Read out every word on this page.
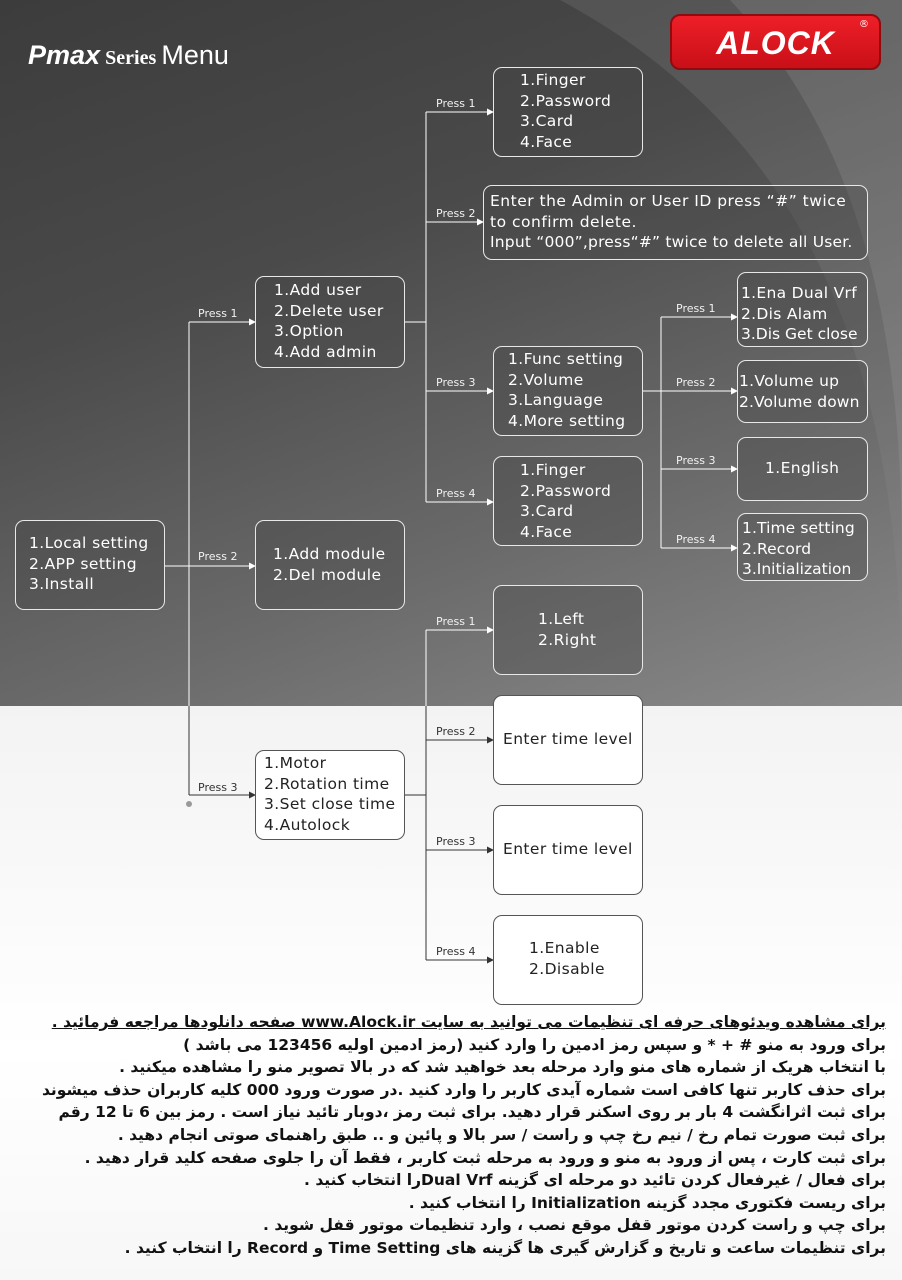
Pmax Series Menu	ALOCK
®
1.Local setting
2.APP setting
3.Install
Press 1
1.Add user
2.Delete user
3.Option
4.Add admin
Press 2 1.Add module
2.Del module
Press 3
1.Motor
2.Rotation time
3.Set close time
4.Autolock
Press 1
1.Finger
2.Password
3.Card
4.Face
Press 2
Enter the Admin or User ID press “#” twice
to confirm delete.
Input “000”,press“#” twice to delete all User.
Press 3
1.Func setting
2.Volume
3.Language
4.More setting
Press 4
1.Finger
2.Password
3.Card
4.Face
Press 1
1.Ena Dual Vrf
2.Dis Alam
3.Dis Get close
Press 2 1.Volume up
2.Volume down
Press 3	1.English
Press 4
1.Time setting
2.Record
3.Initialization
Press 1	1.Left
2.Right
Press 2 Enter time level
Press 3 Enter time level
Press 4	1.Enable
2.Disable
برای مشاهده ویدئوهای حرفه ای تنظیمات می توانید به سایت www.Alock.ir صفحه دانلودها مراجعه فرمائید .
برای ورود به منو # + * و سپس رمز ادمین را وارد کنید (رمز ادمین اولیه 123456 می باشد )
با انتخاب هریک از شماره های منو وارد مرحله بعد خواهید شد که در بالا تصویر منو را مشاهده میکنید .
برای حذف کاربر تنها کافی است شماره آیدی کاربر را وارد کنید .در صورت ورود 000 کلیه کاربران حذف میشوند
برای ثبت اثرانگشت 4 بار بر روی اسکنر قرار دهید. برای ثبت رمز ،دوبار تائید نیاز است . رمز بین 6 تا 12 رقم
برای ثبت صورت تمام رخ / نیم رخ چپ و راست / سر بالا و پائین و .. طبق راهنمای صوتی انجام دهید .
برای ثبت کارت ، پس از ورود به منو و ورود به مرحله ثبت کاربر ، فقط آن را جلوی صفحه کلید قرار دهید .
برای فعال / غیرفعال کردن تائید دو مرحله ای گزینه Dual Vrfرا انتخاب کنید .
برای ریست فکتوری مجدد گزینه Initialization را انتخاب کنید .
برای چپ و راست کردن موتور قفل موقع نصب ، وارد تنظیمات موتور قفل شوید .
برای تنظیمات ساعت و تاریخ و گزارش گیری ها گزینه های Time Setting و Record را انتخاب کنید .
